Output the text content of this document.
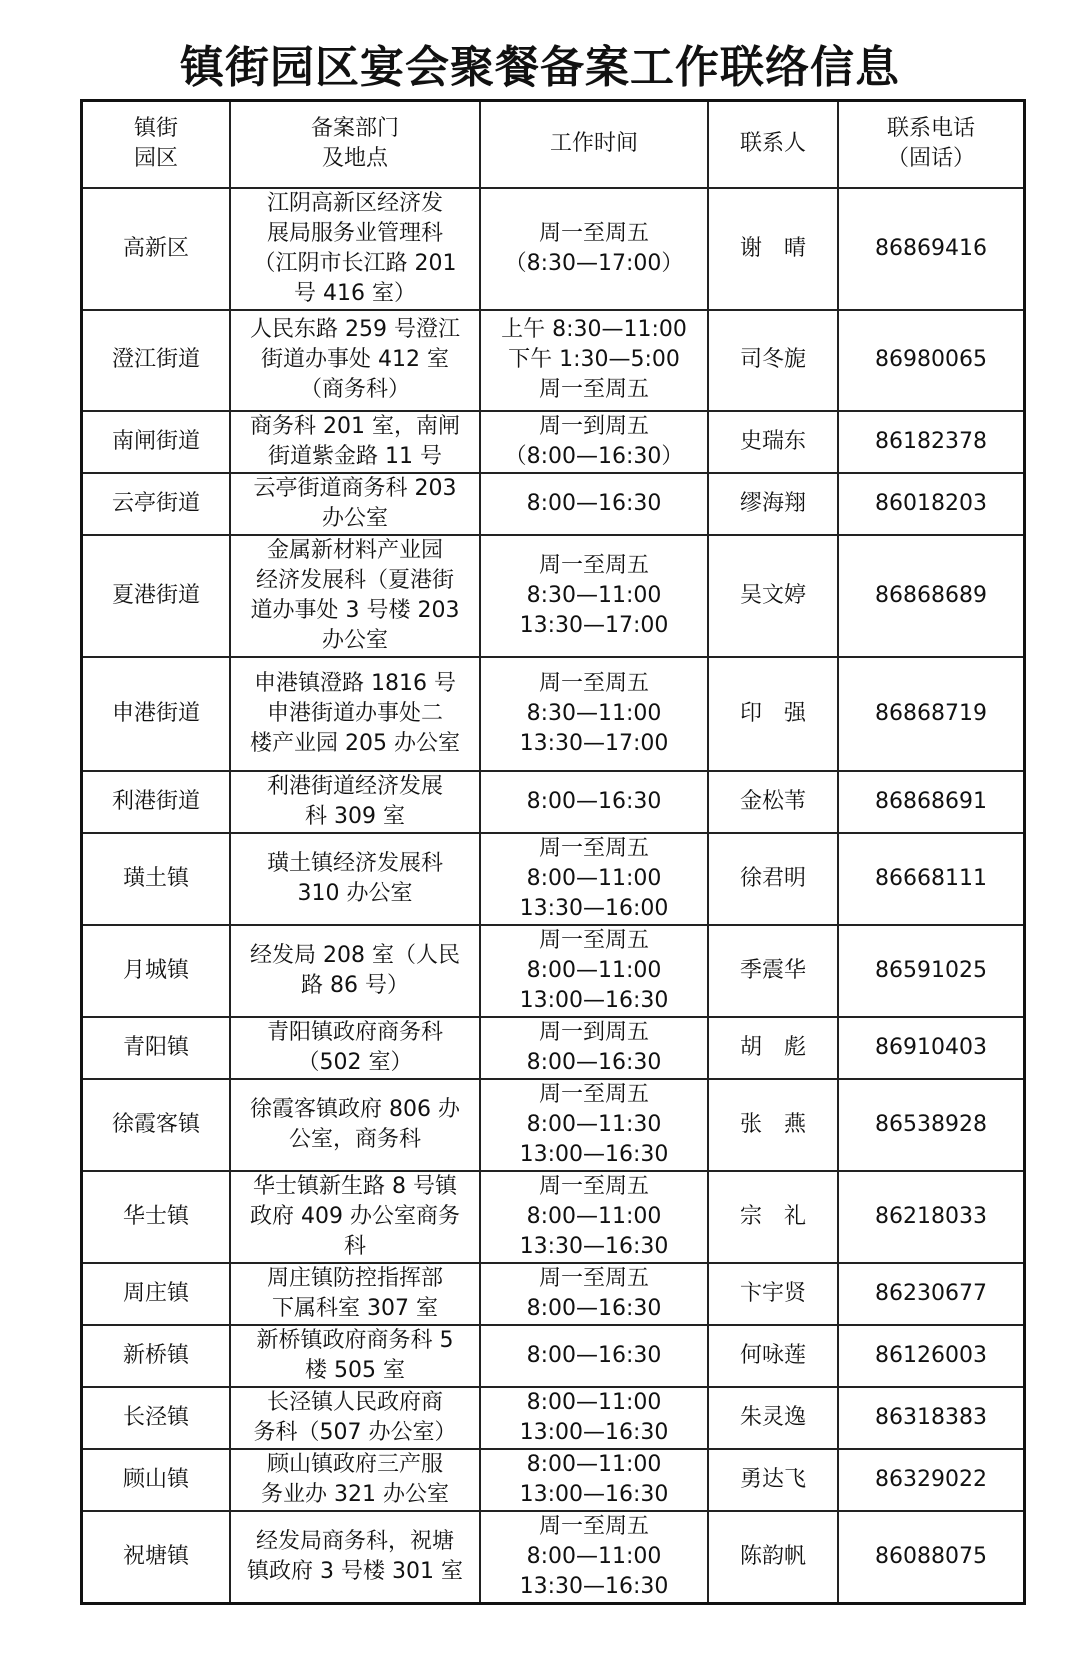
镇街园区宴会聚餐备案工作联络信息
镇街
园区	备案部门
及地点	工作时间	联系人	联系电话
（固话）
高新区	江阴高新区经济发
展局服务业管理科
（江阴市长江路 201
号 416 室）	周一至周五
（8:30—17:00）	谢　晴	86869416
澄江街道	人民东路 259 号澄江
街道办事处 412 室
（商务科）	上午 8:30—11:00
下午 1:30—5:00
周一至周五	司冬旎	86980065
南闸街道	商务科 201 室，南闸
街道紫金路 11 号	周一到周五
（8:00—16:30）	史瑞东	86182378
云亭街道	云亭街道商务科 203
办公室	8:00—16:30	缪海翔	86018203
夏港街道	金属新材料产业园
经济发展科（夏港街
道办事处 3 号楼 203
办公室	周一至周五
8:30—11:00
13:30—17:00	吴文婷	86868689
申港街道	申港镇澄路 1816 号
申港街道办事处二
楼产业园 205 办公室	周一至周五
8:30—11:00
13:30—17:00	印　强	86868719
利港街道	利港街道经济发展
科 309 室	8:00—16:30	金松苇	86868691
璜土镇	璜土镇经济发展科
310 办公室	周一至周五
8:00—11:00
13:30—16:00	徐君明	86668111
月城镇	经发局 208 室（人民
路 86 号）	周一至周五
8:00—11:00
13:00—16:30	季震华	86591025
青阳镇	青阳镇政府商务科
（502 室）	周一到周五
8:00—16:30	胡　彪	86910403
徐霞客镇	徐霞客镇政府 806 办
公室，商务科	周一至周五
8:00—11:30
13:00—16:30	张　燕	86538928
华士镇	华士镇新生路 8 号镇
政府 409 办公室商务
科	周一至周五
8:00—11:00
13:30—16:30	宗　礼	86218033
周庄镇	周庄镇防控指挥部
下属科室 307 室	周一至周五
8:00—16:30	卞宇贤	86230677
新桥镇	新桥镇政府商务科 5
楼 505 室	8:00—16:30	何咏莲	86126003
长泾镇	长泾镇人民政府商
务科（507 办公室）	8:00—11:00
13:00—16:30	朱灵逸	86318383
顾山镇	顾山镇政府三产服
务业办 321 办公室	8:00—11:00
13:00—16:30	勇达飞	86329022
祝塘镇	经发局商务科，祝塘
镇政府 3 号楼 301 室	周一至周五
8:00—11:00
13:30—16:30	陈韵帆	86088075
